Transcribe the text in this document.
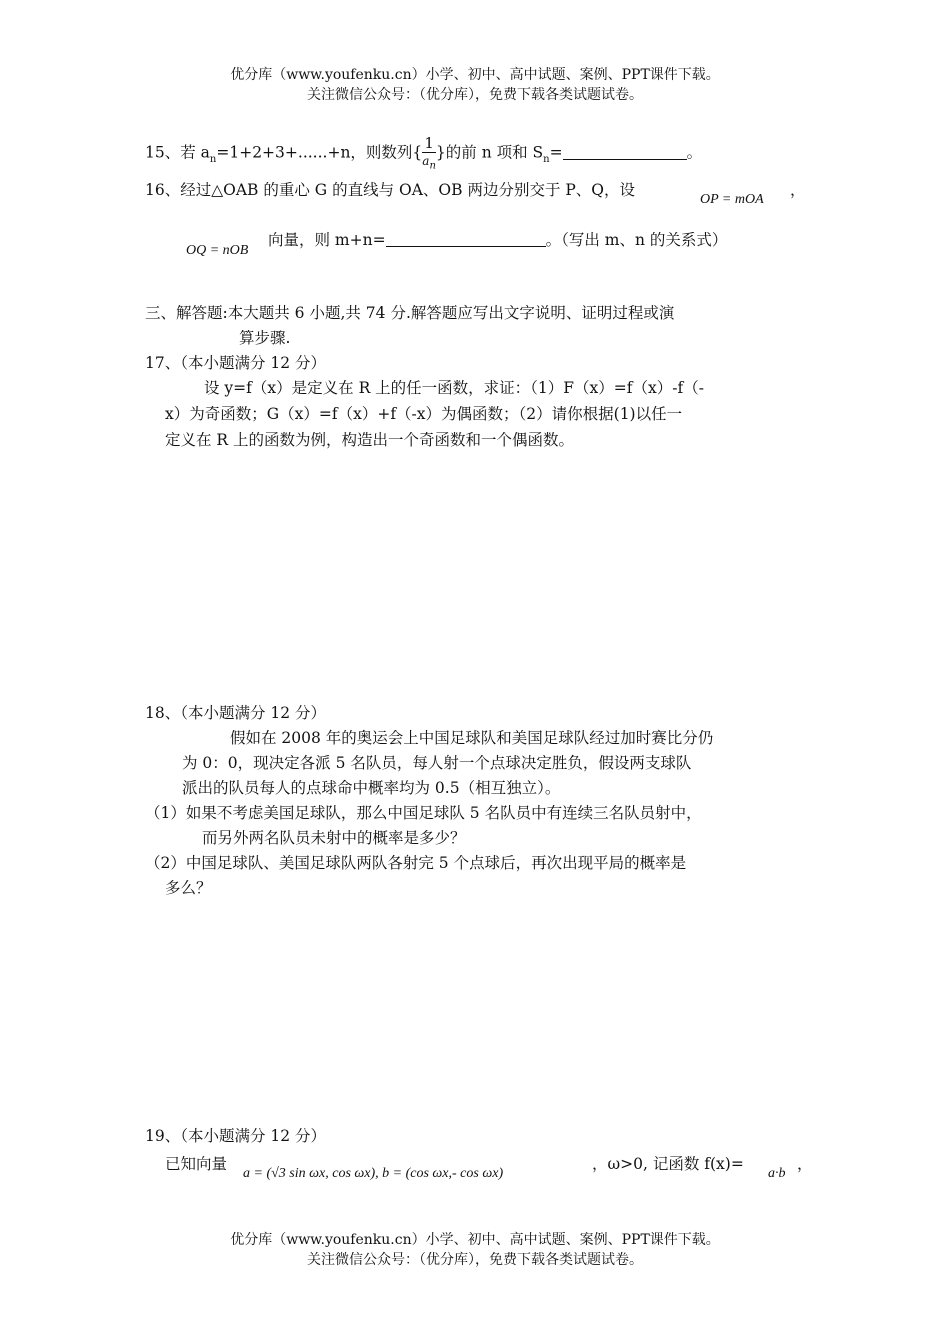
优分库（www.youfenku.cn）小学、初中、高中试题、案例、PPT课件下载。
关注微信公众号：（优分库），免费下载各类试题试卷。
15、若 $a_n=1+2+3+......+n$，则数列{ $\frac{1}{a_n}$ }的前 n 项和 $S_n=$	。
16、经过△OAB 的重心 G 的直线与 OA、OB 两边分别交于 P、Q，设
OP = mOA
，
OQ = nOB
向量，则 m+n=	。（写出 m、n 的关系式）
三、解答题:本大题共 6 小题,共 74 分.解答题应写出文字说明、证明过程或演
算步骤.
17、（本小题满分 12 分）
设 y=f（x）是定义在 R 上的任一函数，求证：（1）F（x）=f（x）-f（-
x）为奇函数；G（x）=f（x）+f（-x）为偶函数；（2）请你根据(1)以任一
定义在 R 上的函数为例，构造出一个奇函数和一个偶函数。
18、（本小题满分 12 分）
假如在 2008 年的奥运会上中国足球队和美国足球队经过加时赛比分仍
为 0：0，现决定各派 5 名队员，每人射一个点球决定胜负，假设两支球队
派出的队员每人的点球命中概率均为 0.5（相互独立）。
（1）如果不考虑美国足球队，那么中国足球队 5 名队员中有连续三名队员射中，
而另外两名队员未射中的概率是多少？
（2）中国足球队、美国足球队两队各射完 5 个点球后，再次出现平局的概率是
多么？
19、（本小题满分 12 分）
已知向量
a = (√3 sin ωx, cos ωx), b = (cos ωx,- cos ωx)
，ω>0, 记函数 f(x)=
a·b
，
优分库（www.youfenku.cn）小学、初中、高中试题、案例、PPT课件下载。
关注微信公众号：（优分库），免费下载各类试题试卷。
